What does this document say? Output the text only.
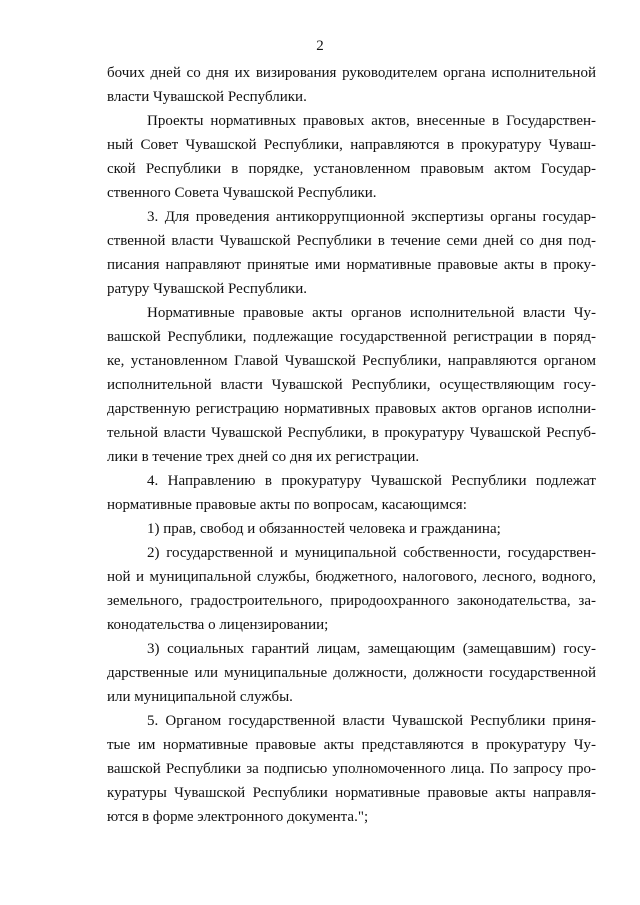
2
бочих дней со дня их визирования руководителем органа исполнительной
власти Чувашской Республики.
Проекты нормативных правовых актов, внесенные в Государствен-
ный Совет Чувашской Республики, направляются в прокуратуру Чуваш-
ской Республики в порядке, установленном правовым актом Государ-
ственного Совета Чувашской Республики.
3. Для проведения антикоррупционной экспертизы органы государ-
ственной власти Чувашской Республики в течение семи дней со дня под-
писания направляют принятые ими нормативные правовые акты в проку-
ратуру Чувашской Республики.
Нормативные правовые акты органов исполнительной власти Чу-
вашской Республики, подлежащие государственной регистрации в поряд-
ке, установленном Главой Чувашской Республики, направляются органом
исполнительной власти Чувашской Республики, осуществляющим госу-
дарственную регистрацию нормативных правовых актов органов исполни-
тельной власти Чувашской Республики, в прокуратуру Чувашской Респуб-
лики в течение трех дней со дня их регистрации.
4. Направлению в прокуратуру Чувашской Республики подлежат
нормативные правовые акты по вопросам, касающимся:
1) прав, свобод и обязанностей человека и гражданина;
2) государственной и муниципальной собственности, государствен-
ной и муниципальной службы, бюджетного, налогового, лесного, водного,
земельного, градостроительного, природоохранного законодательства, за-
конодательства о лицензировании;
3) социальных гарантий лицам, замещающим (замещавшим) госу-
дарственные или муниципальные должности, должности государственной
или муниципальной службы.
5. Органом государственной власти Чувашской Республики приня-
тые им нормативные правовые акты представляются в прокуратуру Чу-
вашской Республики за подписью уполномоченного лица. По запросу про-
куратуры Чувашской Республики нормативные правовые акты направля-
ются в форме электронного документа.";
